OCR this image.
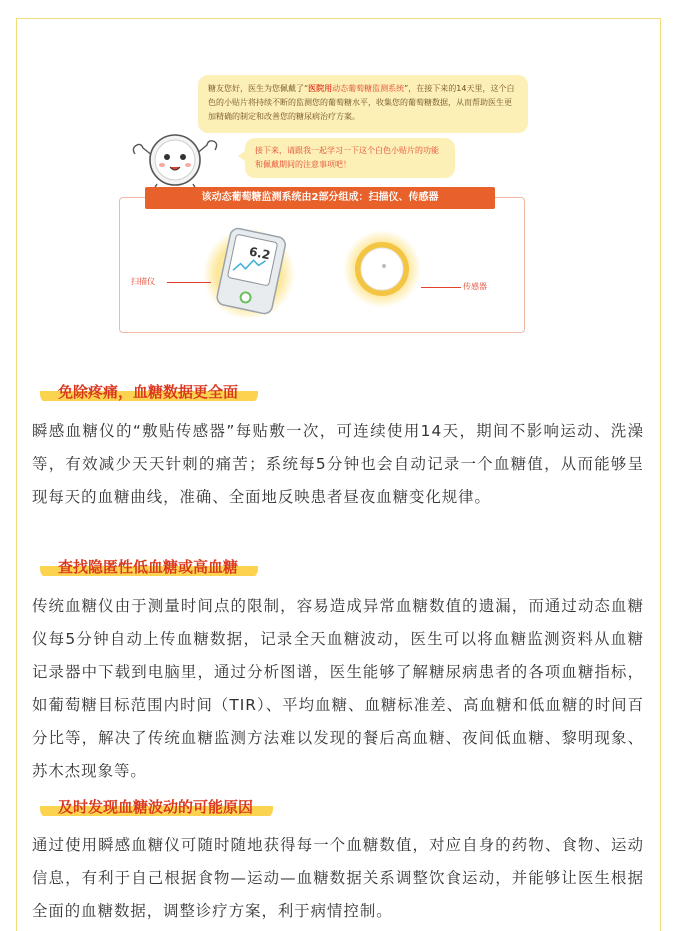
糖友您好，医生为您佩戴了“医院用动态葡萄糖监测系统”，在接下来的14天里，这个白色的小贴片将持续不断的监测您的葡萄糖水平，收集您的葡萄糖数据，从而帮助医生更加精确的制定和改善您的糖尿病治疗方案。
接下来，请跟我一起学习一下这个白色小贴片的功能和佩戴期间的注意事项吧！
该动态葡萄糖监测系统由2部分组成：扫描仪、传感器
6.2
扫描仪
传感器
免除疼痛，血糖数据更全面

瞬感血糖仪的“敷贴传感器”每贴敷一次，可连续使用14天，期间不影响运动、洗澡等，有效减少天天针刺的痛苦；系统每5分钟也会自动记录一个血糖值，从而能够呈现每天的血糖曲线，准确、全面地反映患者昼夜血糖变化规律。

查找隐匿性低血糖或高血糖

传统血糖仪由于测量时间点的限制，容易造成异常血糖数值的遗漏，而通过动态血糖仪每5分钟自动上传血糖数据，记录全天血糖波动，医生可以将血糖监测资料从血糖记录器中下载到电脑里，通过分析图谱，医生能够了解糖尿病患者的各项血糖指标，如葡萄糖目标范围内时间（TIR）、平均血糖、血糖标准差、高血糖和低血糖的时间百分比等，解决了传统血糖监测方法难以发现的餐后高血糖、夜间低血糖、黎明现象、苏木杰现象等。

及时发现血糖波动的可能原因

通过使用瞬感血糖仪可随时随地获得每一个血糖数值，对应自身的药物、食物、运动信息，有利于自己根据食物—运动—血糖数据关系调整饮食运动，并能够让医生根据全面的血糖数据，调整诊疗方案，利于病情控制。
